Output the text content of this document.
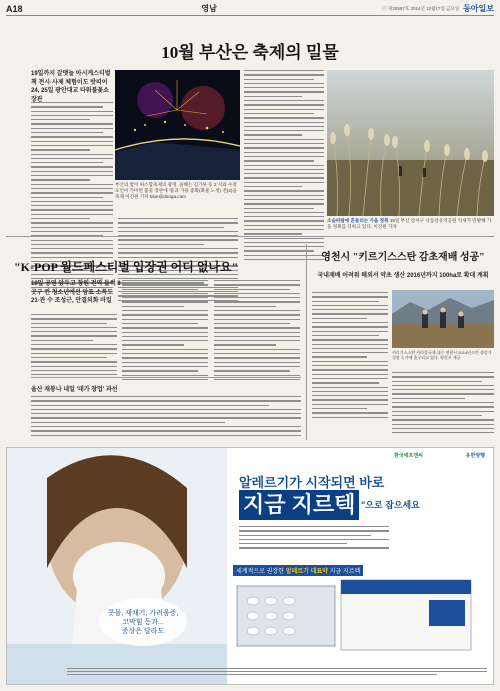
A18	영남	ⓒ 제28587호 2014년 12월17일 금요일 동아일보
10월 부산은 축제의 밀물
19일까지 갈맷놀 아시게스티벌 책 전시·사제 체험이도 밧띠어 24, 25일 광안대교 타워불꽃쇼 장관
부산의 밤이 따스함축제의 광경. 올해는 김가루 등 2 지와 수정포인이 가미면 불꽃 장관에 '불과 가용 좋화(화물 노정) 전(2)을 축제 이진원 기자 blue@donga.com
소슬바람에 흔들리는 가을 정취 15일 부산 강서구 낙동강유역공원 억새가 만발해 가을 정취를 더하고 있다. 이진원 기자
"K-POP 월드페스티벌 입장권 어디 없나요"
19일 공연 앞두고 창원 전역 들썩 8 곳구 컨 청소년에선 암표 소폭도 21·관 수 조성근, 안결외화 마일
올산 재봉나 내일 '대가 창업' 과선
영천시 "키르기스스탄 감초재배 성공"
국내재배 어려워 해외서 약초 생산 2016년까지 100ha로 확대 계획
키르기스스탄 카라콜국제 대수 연천시 2014년스턴 생장가 성장 농가에 흙구리고 있다. 영천시 제공
콧물, 재채기, 가려움증,
코막힘 등과...
증상은 달라도
한국에프앤씨	유한양행
알레르기가 시작되면 바로
지금 지르텍 "으로 잡으세요
세계적으로 권장한 알레르기 대표약 지금 지르텍
